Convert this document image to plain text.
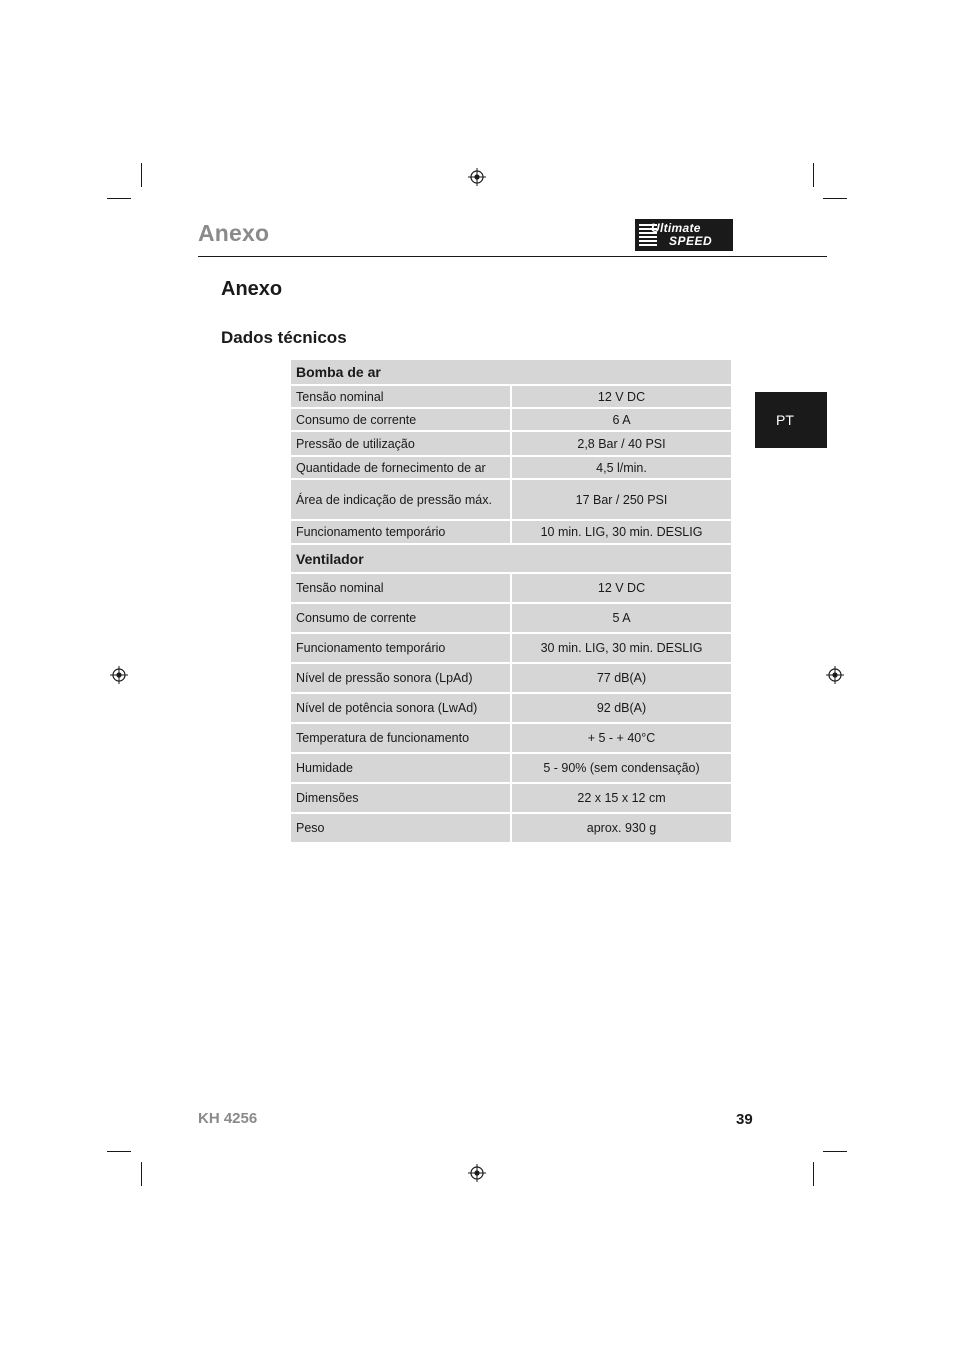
Anexo	Ultimate
SPEED
PT
Anexo
Dados técnicos
Bomba de ar	
Tensão nominal	12 V DC
Consumo de corrente	6 A
Pressão de utilização	2,8 Bar / 40 PSI
Quantidade de fornecimento de ar	4,5 l/min.
Área de indicação de pressão máx.	17 Bar / 250 PSI
Funcionamento temporário	10 min. LIG, 30 min. DESLIG
Ventilador	
Tensão nominal	12 V DC
Consumo de corrente	5 A
Funcionamento temporário	30 min. LIG, 30 min. DESLIG
Nível de pressão sonora (LpAd)	77 dB(A)
Nível de potência sonora (LwAd)	92 dB(A)
Temperatura de funcionamento	+ 5 - + 40°C
Humidade	5 - 90% (sem condensação)
Dimensões	22 x 15 x 12 cm
Peso	aprox. 930 g
KH 4256	39
